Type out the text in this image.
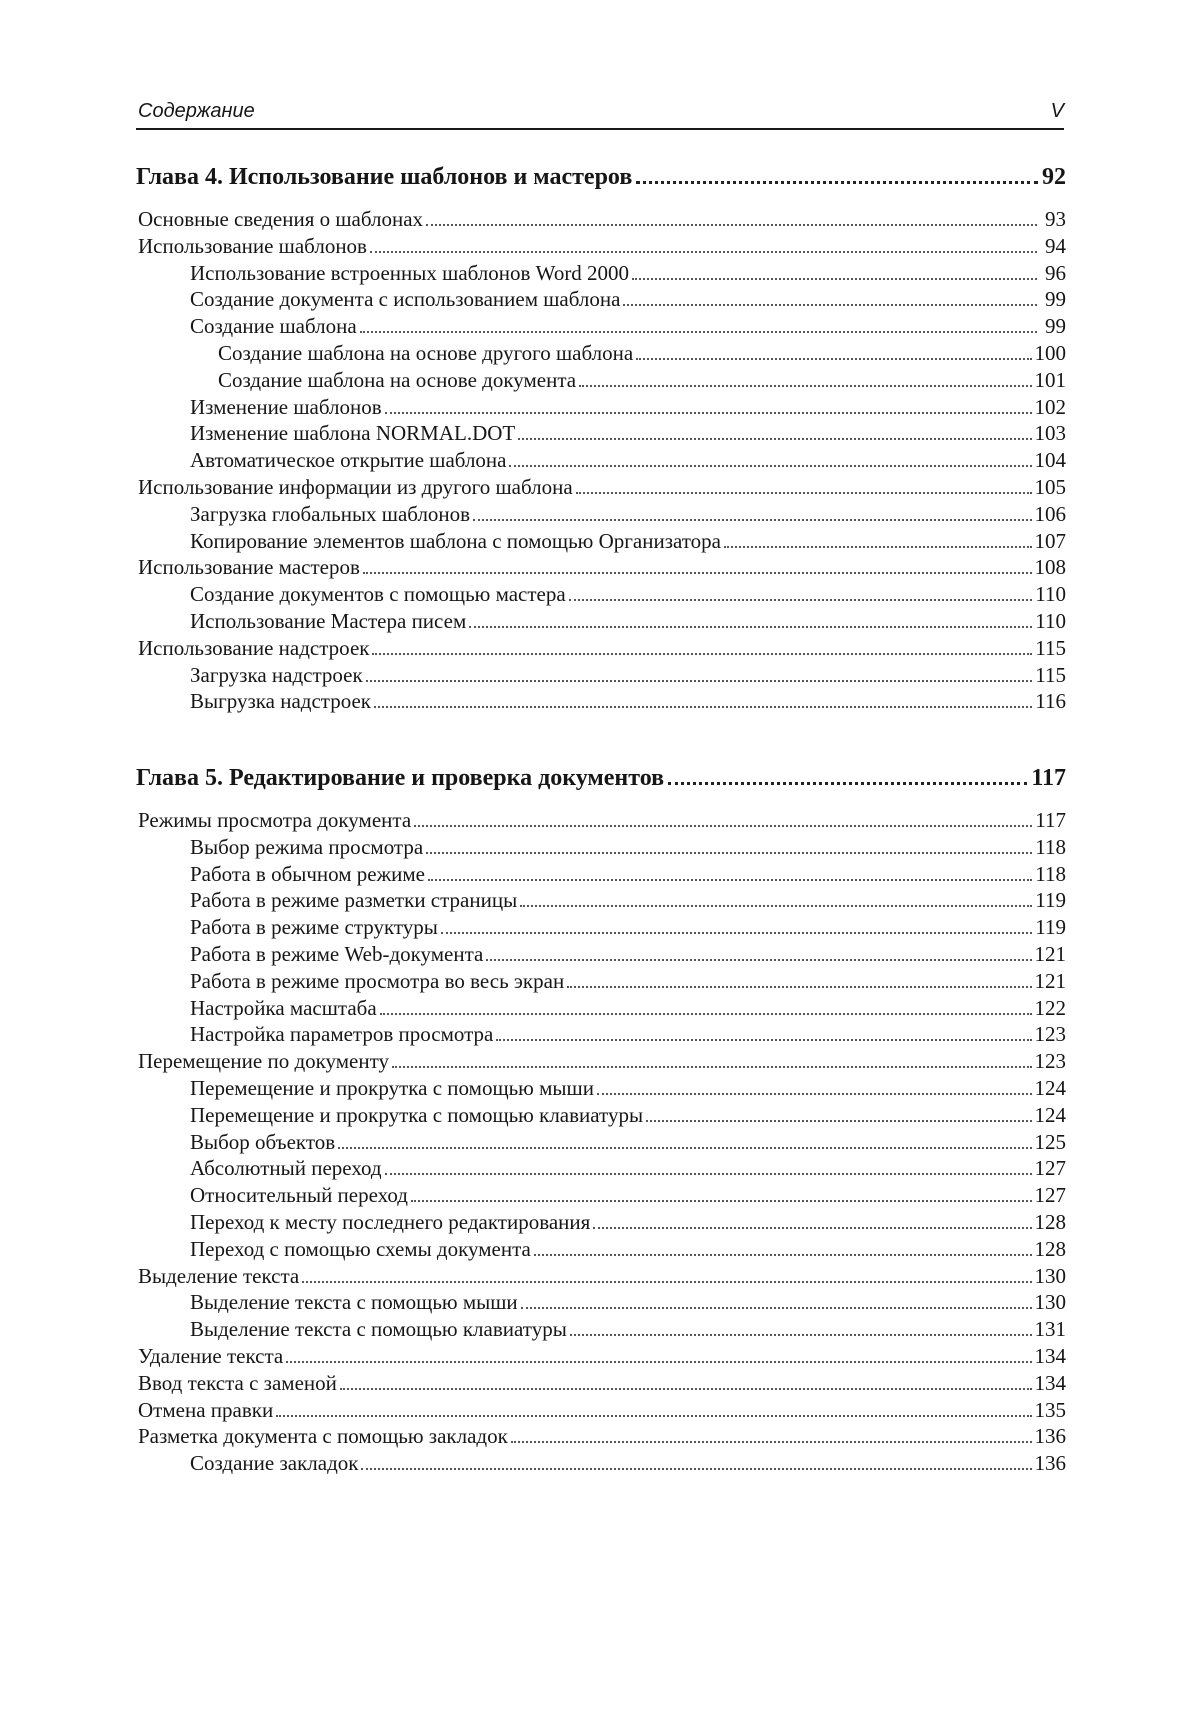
Содержание	V
Глава 4. Использование шаблонов и мастеров	92
Основные сведения о шаблонах	93
Использование шаблонов	94
Использование встроенных шаблонов Word 2000	96
Создание документа с использованием шаблона	99
Создание шаблона	99
Создание шаблона на основе другого шаблона	100
Создание шаблона на основе документа	101
Изменение шаблонов	102
Изменение шаблона NORMAL.DOT	103
Автоматическое открытие шаблона	104
Использование информации из другого шаблона	105
Загрузка глобальных шаблонов	106
Копирование элементов шаблона с помощью Организатора	107
Использование мастеров	108
Создание документов с помощью мастера	110
Использование Мастера писем	110
Использование надстроек	115
Загрузка надстроек	115
Выгрузка надстроек	116
Глава 5. Редактирование и проверка документов	117
Режимы просмотра документа	117
Выбор режима просмотра	118
Работа в обычном режиме	118
Работа в режиме разметки страницы	119
Работа в режиме структуры	119
Работа в режиме Web-документа	121
Работа в режиме просмотра во весь экран	121
Настройка масштаба	122
Настройка параметров просмотра	123
Перемещение по документу	123
Перемещение и прокрутка с помощью мыши	124
Перемещение и прокрутка с помощью клавиатуры	124
Выбор объектов	125
Абсолютный переход	127
Относительный переход	127
Переход к месту последнего редактирования	128
Переход с помощью схемы документа	128
Выделение текста	130
Выделение текста с помощью мыши	130
Выделение текста с помощью клавиатуры	131
Удаление текста	134
Ввод текста с заменой	134
Отмена правки	135
Разметка документа с помощью закладок	136
Создание закладок	136
